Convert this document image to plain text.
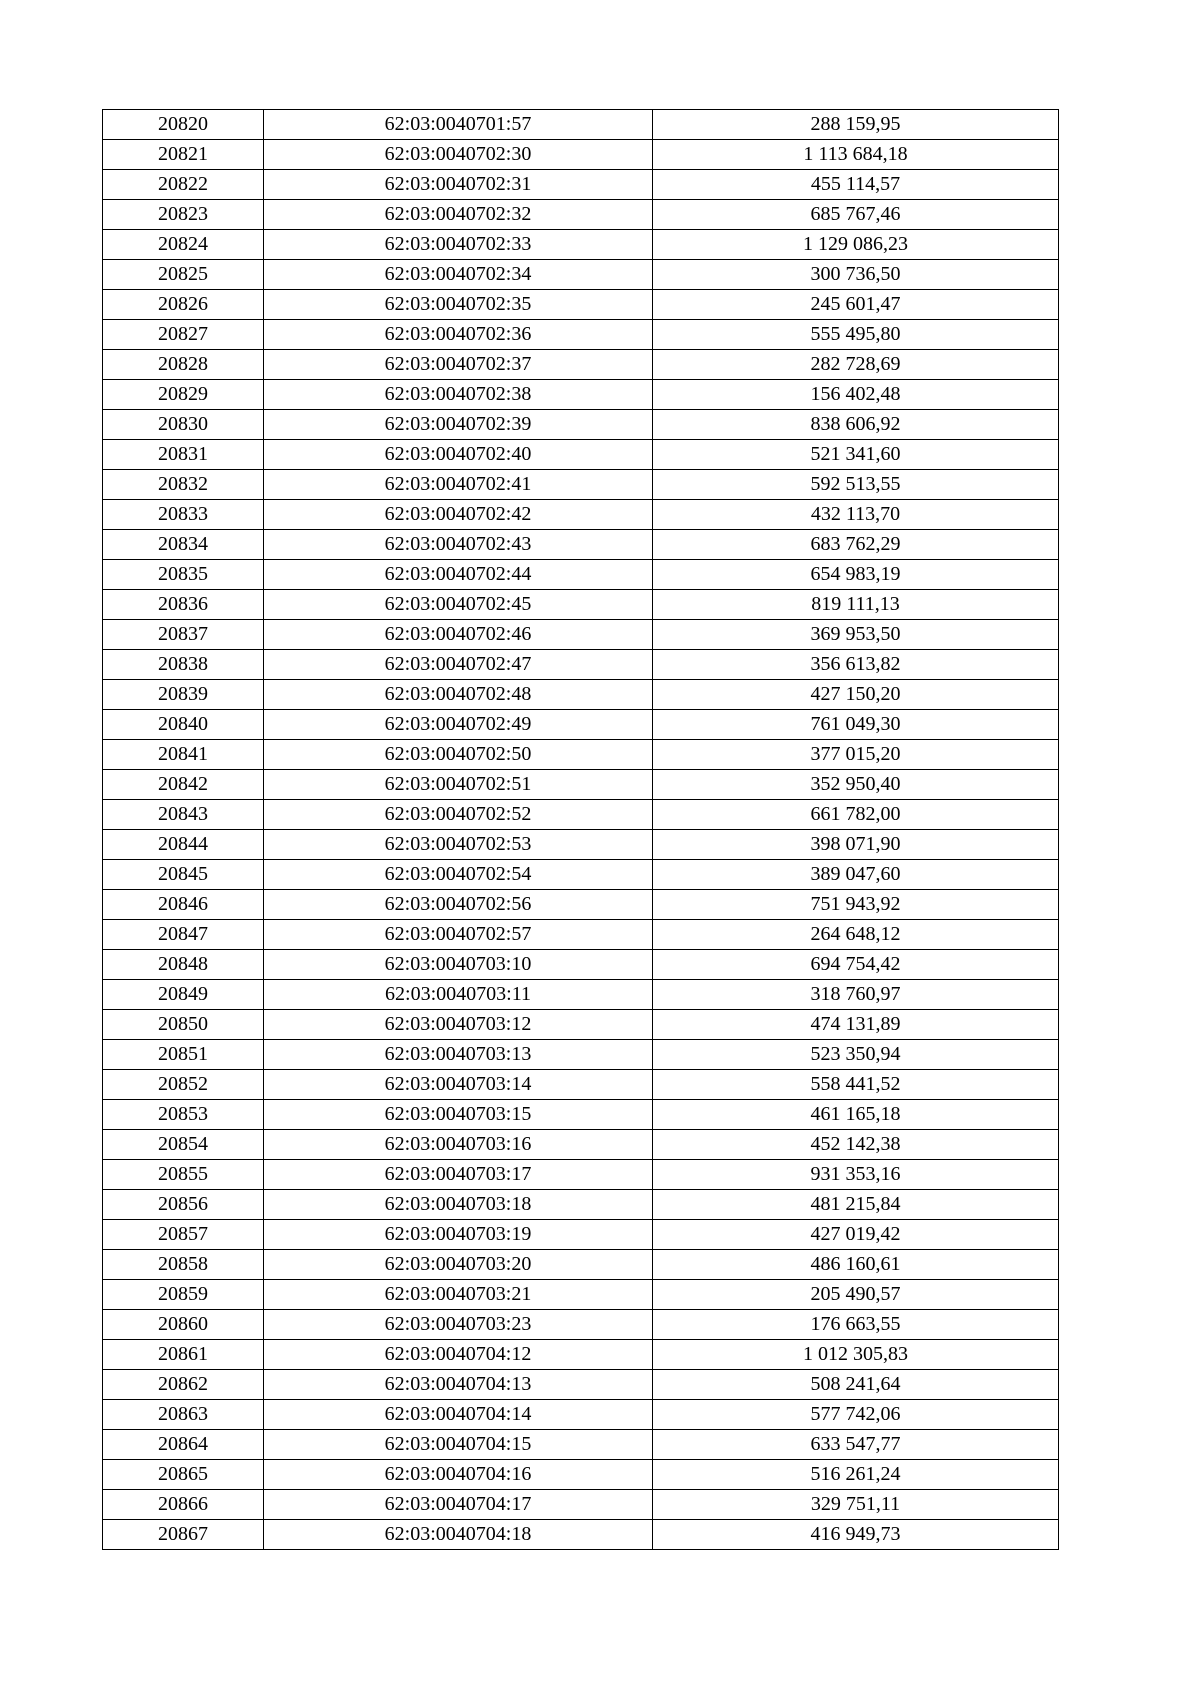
20820	62:03:0040701:57	288 159,95
20821	62:03:0040702:30	1 113 684,18
20822	62:03:0040702:31	455 114,57
20823	62:03:0040702:32	685 767,46
20824	62:03:0040702:33	1 129 086,23
20825	62:03:0040702:34	300 736,50
20826	62:03:0040702:35	245 601,47
20827	62:03:0040702:36	555 495,80
20828	62:03:0040702:37	282 728,69
20829	62:03:0040702:38	156 402,48
20830	62:03:0040702:39	838 606,92
20831	62:03:0040702:40	521 341,60
20832	62:03:0040702:41	592 513,55
20833	62:03:0040702:42	432 113,70
20834	62:03:0040702:43	683 762,29
20835	62:03:0040702:44	654 983,19
20836	62:03:0040702:45	819 111,13
20837	62:03:0040702:46	369 953,50
20838	62:03:0040702:47	356 613,82
20839	62:03:0040702:48	427 150,20
20840	62:03:0040702:49	761 049,30
20841	62:03:0040702:50	377 015,20
20842	62:03:0040702:51	352 950,40
20843	62:03:0040702:52	661 782,00
20844	62:03:0040702:53	398 071,90
20845	62:03:0040702:54	389 047,60
20846	62:03:0040702:56	751 943,92
20847	62:03:0040702:57	264 648,12
20848	62:03:0040703:10	694 754,42
20849	62:03:0040703:11	318 760,97
20850	62:03:0040703:12	474 131,89
20851	62:03:0040703:13	523 350,94
20852	62:03:0040703:14	558 441,52
20853	62:03:0040703:15	461 165,18
20854	62:03:0040703:16	452 142,38
20855	62:03:0040703:17	931 353,16
20856	62:03:0040703:18	481 215,84
20857	62:03:0040703:19	427 019,42
20858	62:03:0040703:20	486 160,61
20859	62:03:0040703:21	205 490,57
20860	62:03:0040703:23	176 663,55
20861	62:03:0040704:12	1 012 305,83
20862	62:03:0040704:13	508 241,64
20863	62:03:0040704:14	577 742,06
20864	62:03:0040704:15	633 547,77
20865	62:03:0040704:16	516 261,24
20866	62:03:0040704:17	329 751,11
20867	62:03:0040704:18	416 949,73
